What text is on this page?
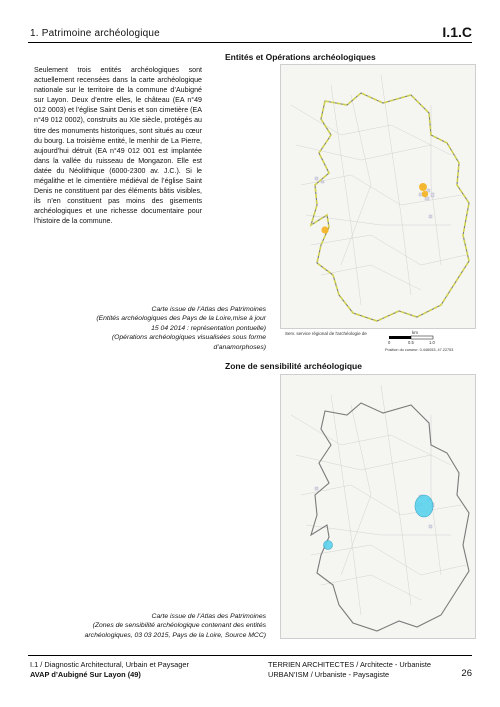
1. Patrimoine archéologique	I.1.C
Entités et Opérations archéologiques
Seulement trois entités archéologiques sont actuellement recensées dans la carte archéologique nationale sur le territoire de la commune d’Aubigné sur Layon. Deux d’entre elles, le château (EA n°49 012 0003) et l’église Saint Denis et son cimetière (EA n°49 012 0002), construits au XIe siècle, protégés au titre des monuments historiques, sont situés au cœur du bourg. La troisième entité, le menhir de La Pierre, aujourd’hui détruit (EA n°49 012 001 est implantée dans la vallée du ruisseau de Mongazon. Elle est datée du Néolithique (6000-2300 av. J.C.). Si le mégalithe et le cimentière médiéval de l’église Saint Denis ne constituent par des éléments bâtis visibles, ils n’en constituent pas moins des gisements archéologiques et une richesse documentaire pour l’histoire de la commune.
Carte issue de l’Atlas des Patrimoines
(Entités archéologiques des Pays de la Loire,mise à jour
15 04 2014 : représentation pontuelle)
(Opérations archéologiques visualisées sous forme
d’anamorphoses)
Serv. service régional de l'archéologie de	km
0	0.5	1.0
Position du curseur: 0.446053, 47.22753
Zone de sensibilité archéologique
Carte issue de l’Atlas des Patrimoines
(Zones de sensibilité archéologique contenant des entités
archéologiques, 03 03 2015, Pays de la Loire, Source MCC)
I.1 / Diagnostic Architectural, Urbain et Paysager
AVAP d’Aubigné Sur Layon (49)
TERRIEN ARCHITECTES / Architecte - Urbaniste
URBAN’ISM / Urbaniste - Paysagiste	26
